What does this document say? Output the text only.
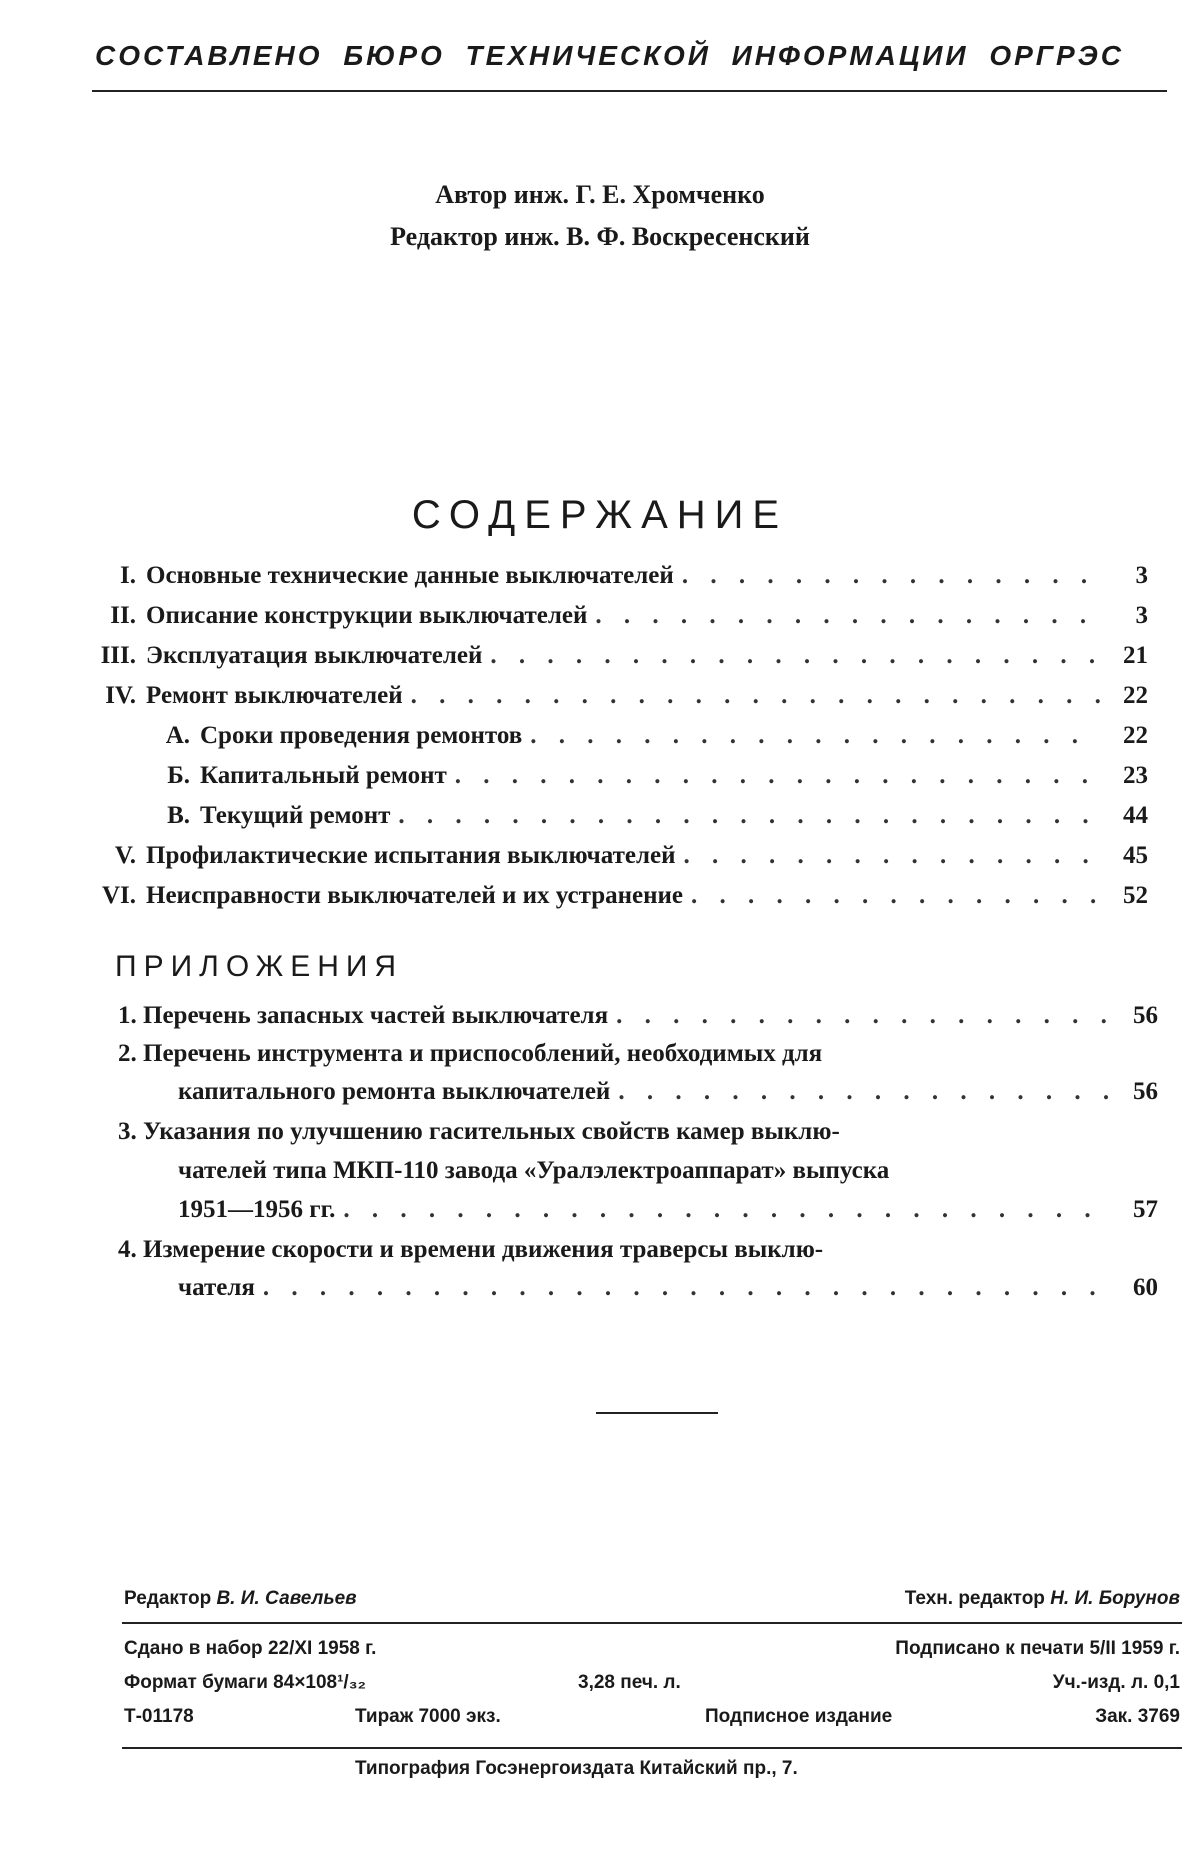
СОСТАВЛЕНО БЮРО ТЕХНИЧЕСКОЙ ИНФОРМАЦИИ ОРГРЭС
Автор инж. Г. Е. Хромченко
Редактор инж. В. Ф. Воскресенский
СОДЕРЖАНИЕ
I. Основные технические данные выключателей . . .	3
II. Описание конструкции выключателей . . .	3
III. Эксплуатация выключателей . . .	21
IV. Ремонт выключателей . . .	22
А. Сроки проведения ремонтов . . .	22
Б. Капитальный ремонт . . .	23
В. Текущий ремонт . . .	44
V. Профилактические испытания выключателей . . .	45
VI. Неисправности выключателей и их устранение . . .	52
ПРИЛОЖЕНИЯ
1. Перечень запасных частей выключателя . . .	56
2. Перечень инструмента и приспособлений, необходимых для
капитального ремонта выключателей . . .	56
3. Указания по улучшению гасительных свойств камер выклю-
чателей типа МКП-110 завода «Уралэлектроаппарат» выпуска
1951—1956 гг. . . .	57
4. Измерение скорости и времени движения траверсы выклю-
чателя . . .	60
Редактор В. И. Савельев	Техн. редактор Н. И. Борунов
Сдано в набор 22/XI 1958 г.	Подписано к печати 5/II 1959 г.
Формат бумаги 84×108¹/₃₂	3,28 печ. л.	Уч.-изд. л. 0,1
Т-01178	Тираж 7000 экз.	Подписное издание	Зак. 3769
Типография Госэнергоиздата Китайский пр., 7.
